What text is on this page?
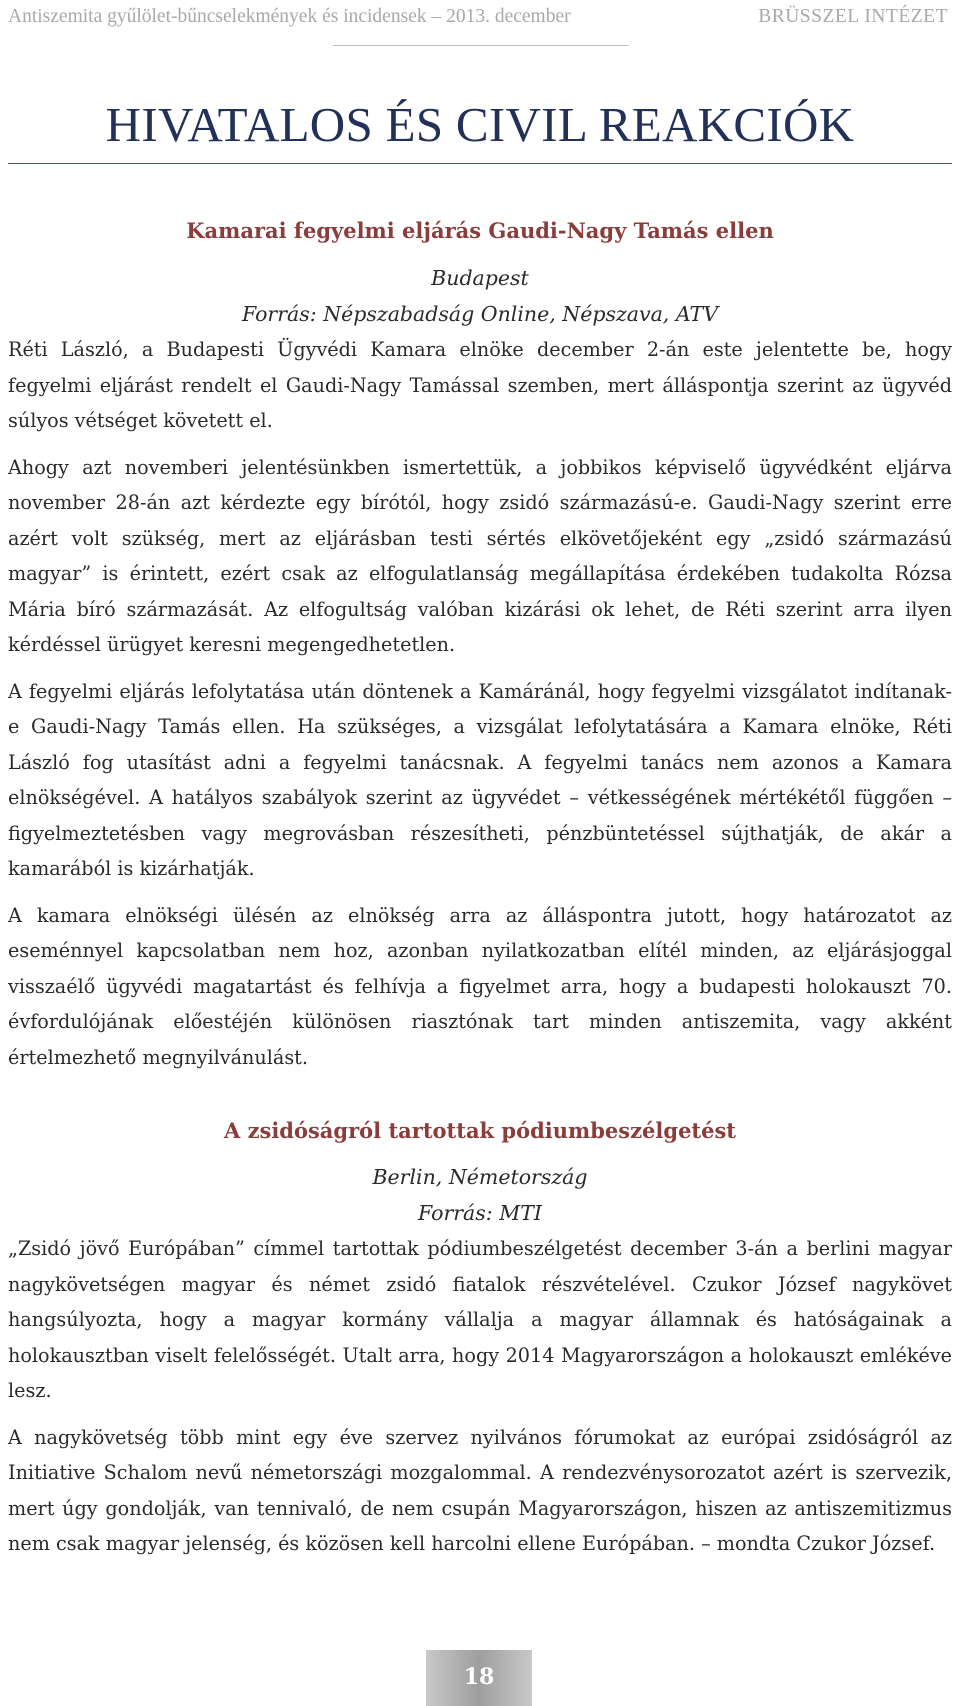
Antiszemita gyűlölet-bűncselekmények és incidensek – 2013. december	BRÜSSZEL INTÉZET
HIVATALOS ÉS CIVIL REAKCIÓK
Kamarai fegyelmi eljárás Gaudi-Nagy Tamás ellen

Budapest

Forrás: Népszabadság Online, Népszava, ATV

Réti László, a Budapesti Ügyvédi Kamara elnöke december 2-án este jelentette be, hogy fegyelmi eljárást rendelt el Gaudi-Nagy Tamással szemben, mert álláspontja szerint az ügyvéd súlyos vétséget követett el.

Ahogy azt novemberi jelentésünkben ismertettük, a jobbikos képviselő ügyvédként eljárva november 28-án azt kérdezte egy bírótól, hogy zsidó származású-e. Gaudi-Nagy szerint erre azért volt szükség, mert az eljárásban testi sértés elkövetőjeként egy „zsidó származású magyar” is érintett, ezért csak az elfogulatlanság megállapítása érdekében tudakolta Rózsa Mária bíró származását. Az elfogultság valóban kizárási ok lehet, de Réti szerint arra ilyen kérdéssel ürügyet keresni megengedhetetlen.

A fegyelmi eljárás lefolytatása után döntenek a Kamáránál, hogy fegyelmi vizsgálatot indítanak-e Gaudi-Nagy Tamás ellen. Ha szükséges, a vizsgálat lefolytatására a Kamara elnöke, Réti László fog utasítást adni a fegyelmi tanácsnak. A fegyelmi tanács nem azonos a Kamara elnökségével. A hatályos szabályok szerint az ügyvédet – vétkességének mértékétől függően – figyelmeztetésben vagy megrovásban részesítheti, pénzbüntetéssel sújthatják, de akár a kamarából is kizárhatják.

A kamara elnökségi ülésén az elnökség arra az álláspontra jutott, hogy határozatot az eseménnyel kapcsolatban nem hoz, azonban nyilatkozatban elítél minden, az eljárásjoggal visszaélő ügyvédi magatartást és felhívja a figyelmet arra, hogy a budapesti holokauszt 70. évfordulójának előestéjén különösen riasztónak tart minden antiszemita, vagy akként értelmezhető megnyilvánulást.

A zsidóságról tartottak pódiumbeszélgetést

Berlin, Németország

Forrás: MTI

„Zsidó jövő Európában” címmel tartottak pódiumbeszélgetést december 3-án a berlini magyar nagykövetségen magyar és német zsidó fiatalok részvételével. Czukor József nagykövet hangsúlyozta, hogy a magyar kormány vállalja a magyar államnak és hatóságainak a holokausztban viselt felelősségét. Utalt arra, hogy 2014 Magyarországon a holokauszt emlékéve lesz.

A nagykövetség több mint egy éve szervez nyilvános fórumokat az európai zsidóságról az Initiative Schalom nevű németországi mozgalommal. A rendezvénysorozatot azért is szervezik, mert úgy gondolják, van tennivaló, de nem csupán Magyarországon, hiszen az antiszemitizmus nem csak magyar jelenség, és közösen kell harcolni ellene Európában. – mondta Czukor József.

18
